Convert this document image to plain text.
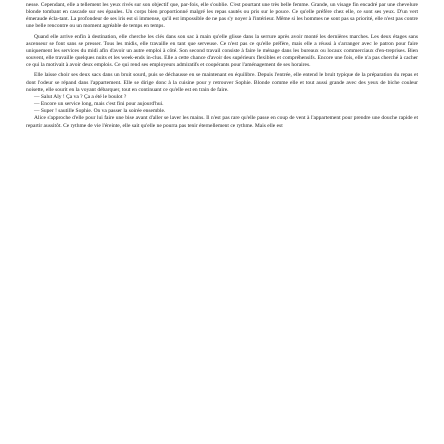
nesse. Cependant, elle a tellement les yeux rivés sur son objectif que, par-fois, elle s'oublie. C'est pourtant une très belle femme. Grande, un visage fin encadré par une chevelure blonde tombant en cascade sur ses épaules. Un corps bien proportionné malgré les repas sautés ou pris sur le pouce. Ce qu'elle préfère chez elle, ce sont ses yeux. D'un vert émeraude écla-tant. La profondeur de ses iris est si immense, qu'il est impossible de ne pas s'y noyer à l'intérieur. Même si les hommes ne sont pas sa priorité, elle n'est pas contre une belle rencontre ou un moment agréable de temps en temps.

Quand elle arrive enfin à destination, elle cherche les clés dans son sac à main qu'elle glisse dans la serrure après avoir monté les dernières marches. Les deux étages sans ascenseur se font sans se presser. Tous les midis, elle travaille en tant que serveuse. Ce n'est pas ce qu'elle préfère, mais elle a réussi à s'arranger avec le patron pour faire uniquement les services du midi afin d'avoir un autre emploi à côté. Son second travail consiste à faire le ménage dans les bureaux ou locaux commerciaux d'en-treprises. Bien souvent, elle travaille quelques nuits et les week-ends in-clus. Elle a cette chance d'avoir des supérieurs flexibles et compréhensifs. Encore une fois, elle n'a pas cherché à cacher ce qui la motivait à avoir deux emplois. Ce qui rend ses employeurs admiratifs et coopérants pour l'aménagement de ses horaires.

Elle laisse choir ses deux sacs dans un bruit sourd, puis se déchausse en se maintenant en équilibre. Depuis l'entrée, elle entend le bruit typique de la préparation du repas et dont l'odeur se répand dans l'appartement. Elle se dirige donc à la cuisine pour y retrouver Sophie. Blonde comme elle et tout aussi grande avec des yeux de biche couleur noisette, elle sourit en la voyant débarquer, tout en continuant ce qu'elle est en train de faire.

— Salut Aly ! Ça va ? Ça a été le boulot ?
— Encore un service long, mais c'est fini pour aujourd'hui.
— Super ! sautille Sophie. On va passer la soirée ensemble.

Alice s'approche d'elle pour lui faire une bise avant d'aller se laver les mains. Il n'est pas rare qu'elle passe en coup de vent à l'appartement pour prendre une douche rapide et repartir aussitôt. Ce rythme de vie l'éreinte, elle sait qu'elle ne pourra pas tenir éternellement ce rythme. Mais elle est
